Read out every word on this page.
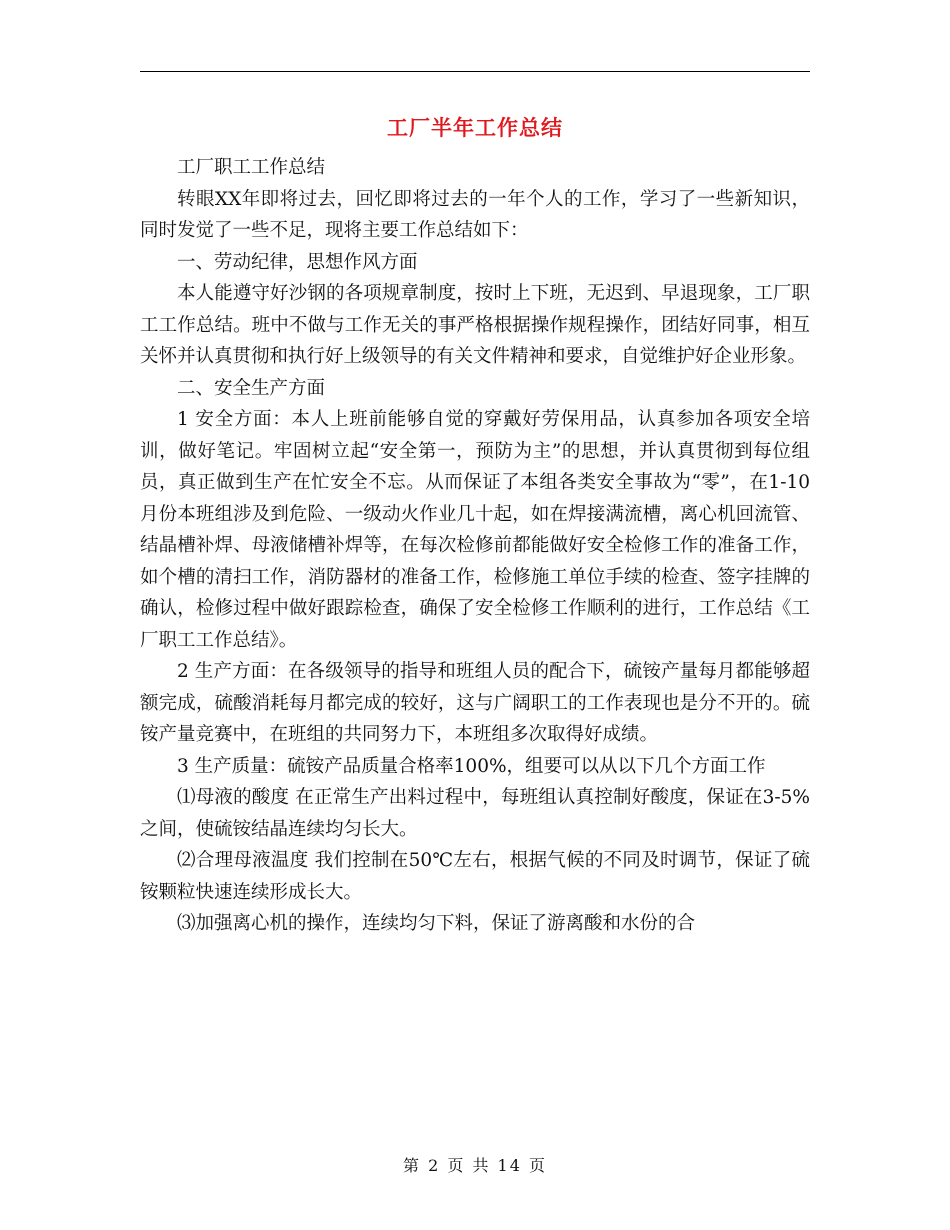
工厂半年工作总结

工厂职工工作总结

转眼XX年即将过去，回忆即将过去的一年个人的工作，学习了一些新知识，同时发觉了一些不足，现将主要工作总结如下：

一、劳动纪律，思想作风方面

本人能遵守好沙钢的各项规章制度，按时上下班，无迟到、早退现象，工厂职工工作总结。班中不做与工作无关的事严格根据操作规程操作，团结好同事，相互关怀并认真贯彻和执行好上级领导的有关文件精神和要求，自觉维护好企业形象。

二、安全生产方面

1 安全方面：本人上班前能够自觉的穿戴好劳保用品，认真参加各项安全培训，做好笔记。牢固树立起“安全第一，预防为主”的思想，并认真贯彻到每位组员，真正做到生产在忙安全不忘。从而保证了本组各类安全事故为“零”，在1-10月份本班组涉及到危险、一级动火作业几十起，如在焊接满流槽，离心机回流管、结晶槽补焊、母液储槽补焊等，在每次检修前都能做好安全检修工作的准备工作，如个槽的清扫工作，消防器材的准备工作，检修施工单位手续的检查、签字挂牌的确认，检修过程中做好跟踪检查，确保了安全检修工作顺利的进行，工作总结《工厂职工工作总结》。

2 生产方面：在各级领导的指导和班组人员的配合下，硫铵产量每月都能够超额完成，硫酸消耗每月都完成的较好，这与广阔职工的工作表现也是分不开的。硫铵产量竞赛中，在班组的共同努力下，本班组多次取得好成绩。

3 生产质量：硫铵产品质量合格率100%，组要可以从以下几个方面工作

⑴母液的酸度 在正常生产出料过程中，每班组认真控制好酸度，保证在3-5%之间，使硫铵结晶连续均匀长大。

⑵合理母液温度 我们控制在50℃左右，根据气候的不同及时调节，保证了硫铵颗粒快速连续形成长大。

⑶加强离心机的操作，连续均匀下料，保证了游离酸和水份的合

第 2 页 共 14 页
